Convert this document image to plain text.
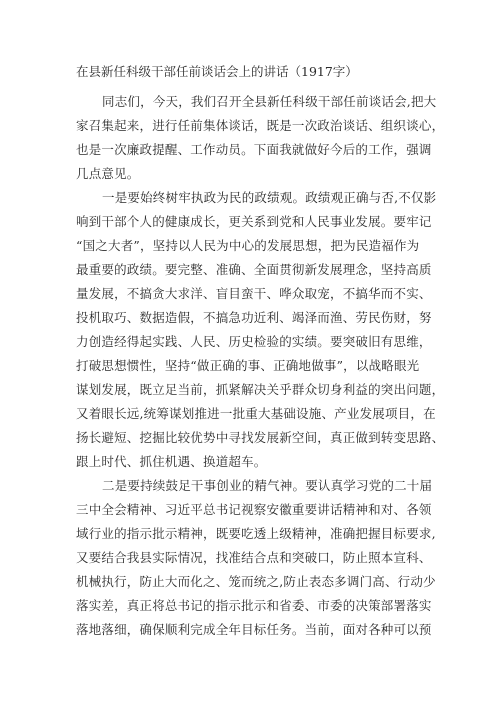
在县新任科级干部任前谈话会上的讲话（1917字）
同志们，今天，我们召开全县新任科级干部任前谈话会,把大
家召集起来，进行任前集体谈话，既是一次政治谈话、组织谈心，
也是一次廉政提醒、工作动员。下面我就做好今后的工作，强调
几点意见。
一是要始终树牢执政为民的政绩观。政绩观正确与否,不仅影
响到干部个人的健康成长，更关系到党和人民事业发展。要牢记
“国之大者”，坚持以人民为中心的发展思想，把为民造福作为
最重要的政绩。要完整、准确、全面贯彻新发展理念，坚持高质
量发展，不搞贪大求洋、盲目蛮干、哗众取宠，不搞华而不实、
投机取巧、数据造假，不搞急功近利、竭泽而渔、劳民伤财，努
力创造经得起实践、人民、历史检验的实绩。要突破旧有思维，
打破思想惯性，坚持“做正确的事、正确地做事”，以战略眼光
谋划发展，既立足当前，抓紧解决关乎群众切身利益的突出问题，
又着眼长远,统筹谋划推进一批重大基础设施、产业发展项目，在
扬长避短、挖掘比较优势中寻找发展新空间，真正做到转变思路、
跟上时代、抓住机遇、换道超车。
二是要持续鼓足干事创业的精气神。要认真学习党的二十届
三中全会精神、习近平总书记视察安徽重要讲话精神和对、各领
域行业的指示批示精神，既要吃透上级精神，准确把握目标要求,
又要结合我县实际情况，找准结合点和突破口，防止照本宣科、
机械执行，防止大而化之、笼而统之,防止表态多调门高、行动少
落实差，真正将总书记的指示批示和省委、市委的决策部署落实
落地落细，确保顺利完成全年目标任务。当前，面对各种可以预
